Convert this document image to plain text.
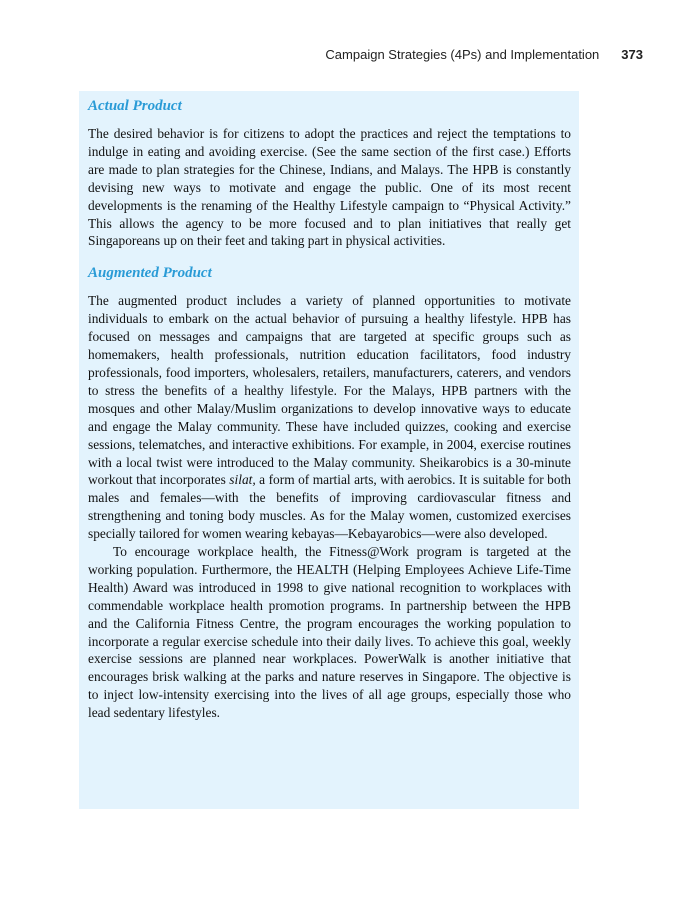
Campaign Strategies (4Ps) and Implementation 373
Actual Product

The desired behavior is for citizens to adopt the practices and reject the temptations to indulge in eating and avoiding exercise. (See the same section of the first case.) Efforts are made to plan strategies for the Chinese, Indians, and Malays. The HPB is constantly devising new ways to motivate and engage the public. One of its most recent developments is the renaming of the Healthy Lifestyle campaign to “Physical Activity.” This allows the agency to be more focused and to plan initiatives that really get Singaporeans up on their feet and taking part in physical activities.

Augmented Product

The augmented product includes a variety of planned opportunities to motivate individuals to embark on the actual behavior of pursuing a healthy lifestyle. HPB has focused on messages and campaigns that are targeted at specific groups such as homemakers, health professionals, nutrition education facilitators, food industry professionals, food importers, wholesalers, retailers, manufacturers, caterers, and vendors to stress the benefits of a healthy lifestyle. For the Malays, HPB partners with the mosques and other Malay/Muslim organizations to develop innovative ways to educate and engage the Malay community. These have included quizzes, cooking and exercise sessions, telematches, and interactive exhibitions. For example, in 2004, exercise routines with a local twist were introduced to the Malay community. Sheikarobics is a 30-minute workout that incorporates silat, a form of martial arts, with aerobics. It is suitable for both males and females—with the benefits of improving cardiovascular fitness and strengthening and toning body muscles. As for the Malay women, customized exercises specially tailored for women wearing kebayas—Kebayarobics—were also developed.

To encourage workplace health, the Fitness@Work program is targeted at the working population. Furthermore, the HEALTH (Helping Employees Achieve Life-Time Health) Award was introduced in 1998 to give national recognition to workplaces with commendable workplace health promotion programs. In partnership between the HPB and the California Fitness Centre, the program encourages the working population to incorporate a regular exercise schedule into their daily lives. To achieve this goal, weekly exercise sessions are planned near workplaces. PowerWalk is another initiative that encourages brisk walking at the parks and nature reserves in Singapore. The objective is to inject low-intensity exercising into the lives of all age groups, especially those who lead sedentary lifestyles.
